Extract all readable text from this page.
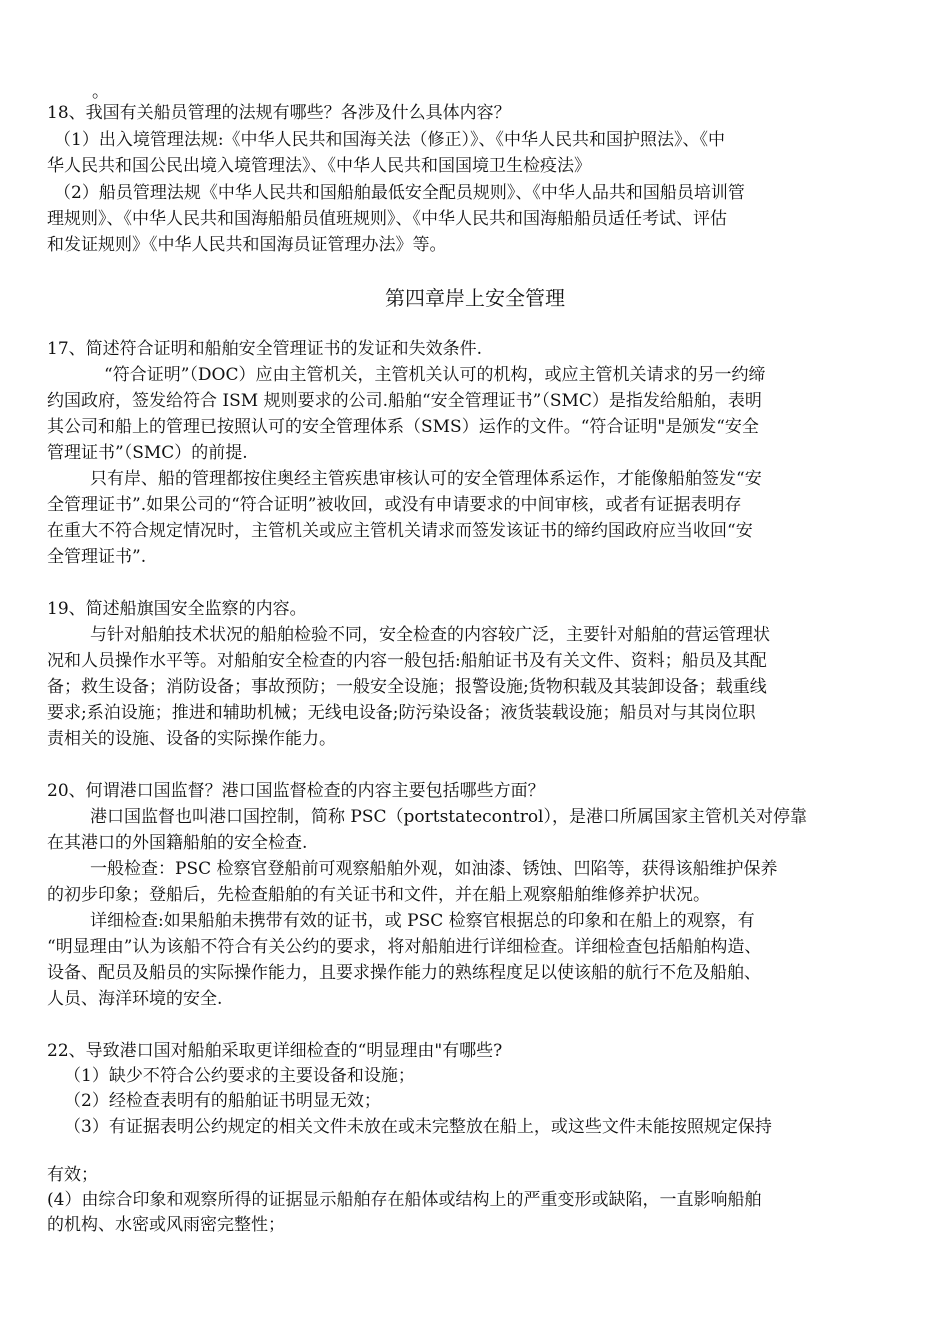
。
18、我国有关船员管理的法规有哪些？各涉及什么具体内容？
（1）出入境管理法规:《中华人民共和国海关法（修正）》、《中华人民共和国护照法》、《中
华人民共和国公民出境入境管理法》、《中华人民共和国国境卫生检疫法》
（2）船员管理法规《中华人民共和国船舶最低安全配员规则》、《中华人品共和国船员培训管
理规则》、《中华人民共和国海船船员值班规则》、《中华人民共和国海船船员适任考试、评估
和发证规则》《中华人民共和国海员证管理办法》等。
第四章岸上安全管理
17、简述符合证明和船舶安全管理证书的发证和失效条件.
“符合证明”（DOC）应由主管机关，主管机关认可的机构，或应主管机关请求的另一约缔
约国政府，签发给符合 ISM 规则要求的公司.船舶“安全管理证书”（SMC）是指发给船舶，表明
其公司和船上的管理已按照认可的安全管理体系（SMS）运作的文件。“符合证明"是颁发“安全
管理证书”（SMC）的前提.
只有岸、船的管理都按住奥经主管疾患审核认可的安全管理体系运作，才能像船舶签发“安
全管理证书”.如果公司的“符合证明”被收回，或没有申请要求的中间审核，或者有证据表明存
在重大不符合规定情况时，主管机关或应主管机关请求而签发该证书的缔约国政府应当收回“安
全管理证书”.
19、简述船旗国安全监察的内容。
与针对船舶技术状况的船舶检验不同，安全检查的内容较广泛，主要针对船舶的营运管理状
况和人员操作水平等。对船舶安全检查的内容一般包括:船舶证书及有关文件、资料；船员及其配
备；救生设备；消防设备；事故预防；一般安全设施；报警设施;货物积载及其装卸设备；载重线
要求;系泊设施；推进和辅助机械；无线电设备;防污染设备；液货装载设施；船员对与其岗位职
责相关的设施、设备的实际操作能力。
20、何谓港口国监督？港口国监督检查的内容主要包括哪些方面？
港口国监督也叫港口国控制，简称 PSC（portstatecontrol），是港口所属国家主管机关对停靠
在其港口的外国籍船舶的安全检查.
一般检查：PSC 检察官登船前可观察船舶外观，如油漆、锈蚀、凹陷等，获得该船维护保养
的初步印象；登船后，先检查船舶的有关证书和文件，并在船上观察船舶维修养护状况。
详细检查:如果船舶未携带有效的证书，或 PSC 检察官根据总的印象和在船上的观察，有
“明显理由”认为该船不符合有关公约的要求，将对船舶进行详细检查。详细检查包括船舶构造、
设备、配员及船员的实际操作能力，且要求操作能力的熟练程度足以使该船的航行不危及船舶、
人员、海洋环境的安全.
22、导致港口国对船舶采取更详细检查的“明显理由"有哪些?
（1）缺少不符合公约要求的主要设备和设施；
（2）经检查表明有的船舶证书明显无效；
（3）有证据表明公约规定的相关文件未放在或未完整放在船上，或这些文件未能按照规定保持
有效；
(4）由综合印象和观察所得的证据显示船舶存在船体或结构上的严重变形或缺陷，一直影响船舶
的机构、水密或风雨密完整性；
